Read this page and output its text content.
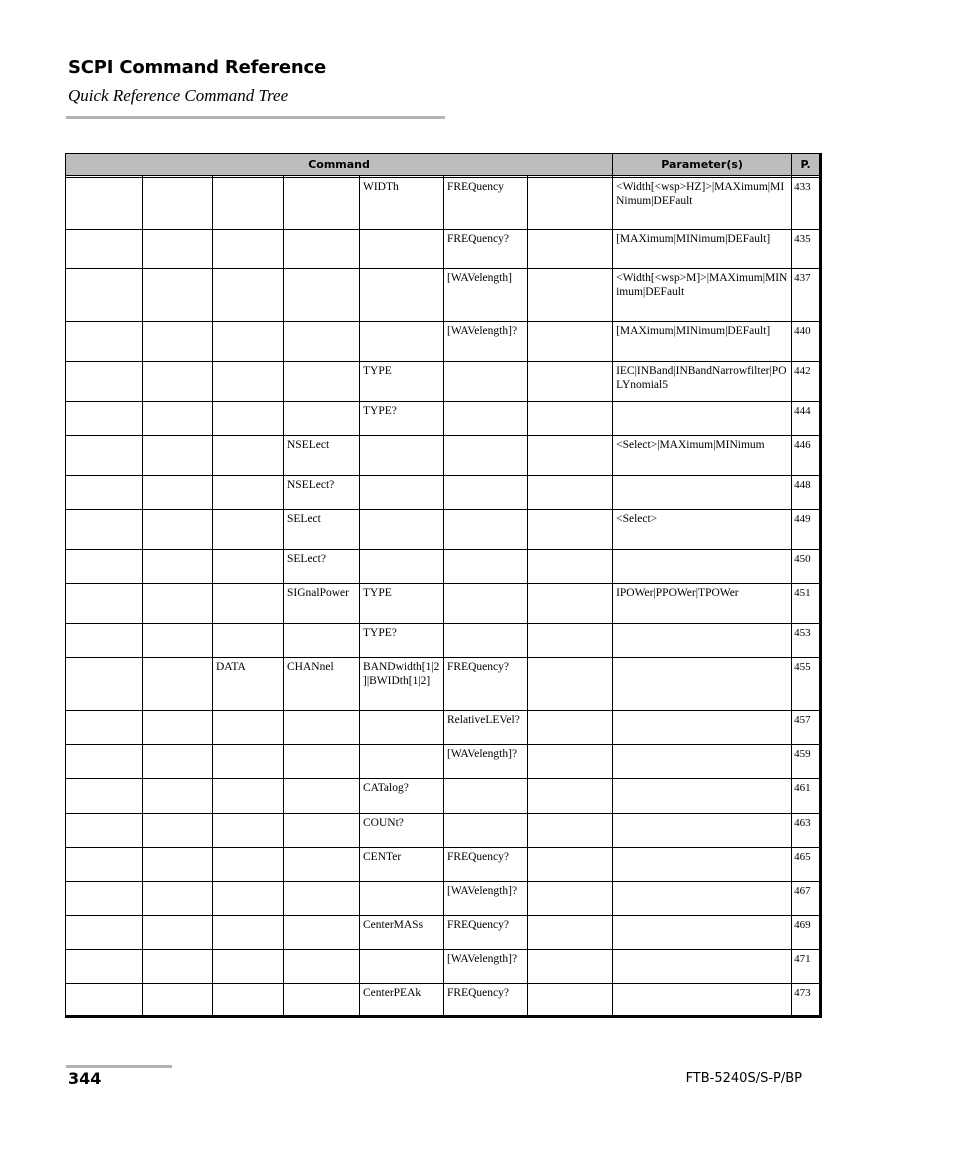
SCPI Command Reference
Quick Reference Command Tree
Command							Parameter(s)	P.

				WIDTh	FREQuency		<Width[<wsp>HZ]>|MAXimum|MINimum|DEFault	433
					FREQuency?		[MAXimum|MINimum|DEFault]	435
					[WAVelength]		<Width[<wsp>M]>|MAXimum|MINimum|DEFault	437
					[WAVelength]?		[MAXimum|MINimum|DEFault]	440
				TYPE			IEC|INBand|INBandNarrowfilter|POLYnomial5	442
				TYPE?				444
			NSELect				<Select>|MAXimum|MINimum	446
			NSELect?					448
			SELect				<Select>	449
			SELect?					450
			SIGnalPower	TYPE			IPOWer|PPOWer|TPOWer	451
				TYPE?				453
		DATA	CHANnel	BANDwidth[1|2]|BWIDth[1|2]	FREQuency?			455
					RelativeLEVel?			457
					[WAVelength]?			459
				CATalog?				461
				COUNt?				463
				CENTer	FREQuency?			465
					[WAVelength]?			467
				CenterMASs	FREQuency?			469
					[WAVelength]?			471
				CenterPEAk	FREQuency?			473
344	FTB-5240S/S-P/BP
